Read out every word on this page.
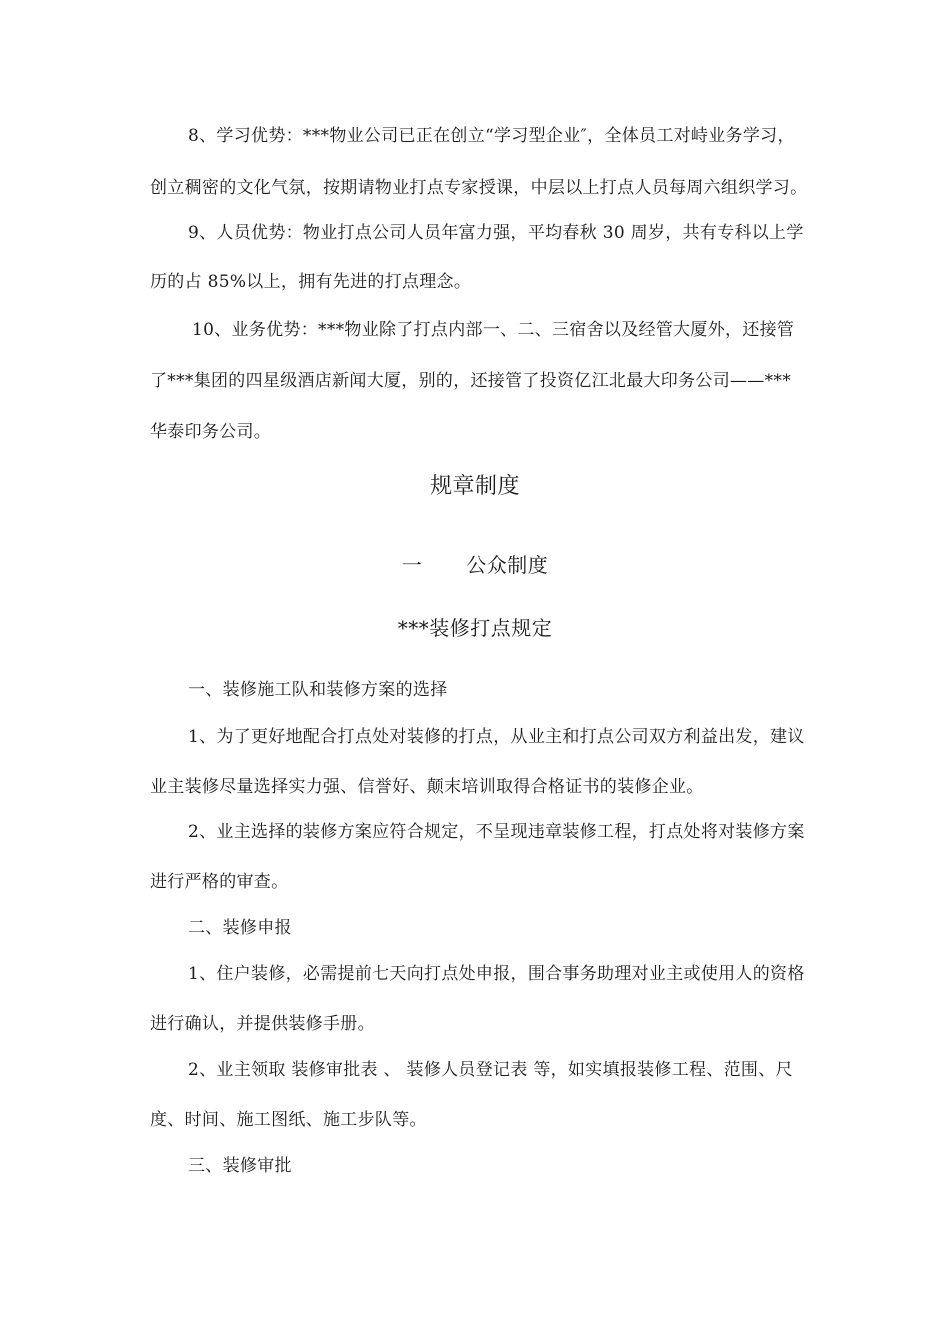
8、学习优势：***物业公司已正在创立“学习型企业″，全体员工对峙业务学习，
创立稠密的文化气氛，按期请物业打点专家授课，中层以上打点人员每周六组织学习。
9、人员优势：物业打点公司人员年富力强，平均春秋 30 周岁，共有专科以上学
历的占 85%以上，拥有先进的打点理念。
10、业务优势：***物业除了打点内部一、二、三宿舍以及经管大厦外，还接管
了***集团的四星级酒店新闻大厦，别的，还接管了投资亿江北最大印务公司——***
华泰印务公司。
规章制度
一 公众制度
***装修打点规定
一、装修施工队和装修方案的选择
1、为了更好地配合打点处对装修的打点，从业主和打点公司双方利益出发，建议
业主装修尽量选择实力强、信誉好、颠末培训取得合格证书的装修企业。
2、业主选择的装修方案应符合规定，不呈现违章装修工程，打点处将对装修方案
进行严格的审查。
二、装修申报
1、住户装修，必需提前七天向打点处申报，围合事务助理对业主或使用人的资格
进行确认，并提供装修手册。
2、业主领取 装修审批表 、 装修人员登记表 等，如实填报装修工程、范围、尺
度、时间、施工图纸、施工步队等。
三、装修审批
